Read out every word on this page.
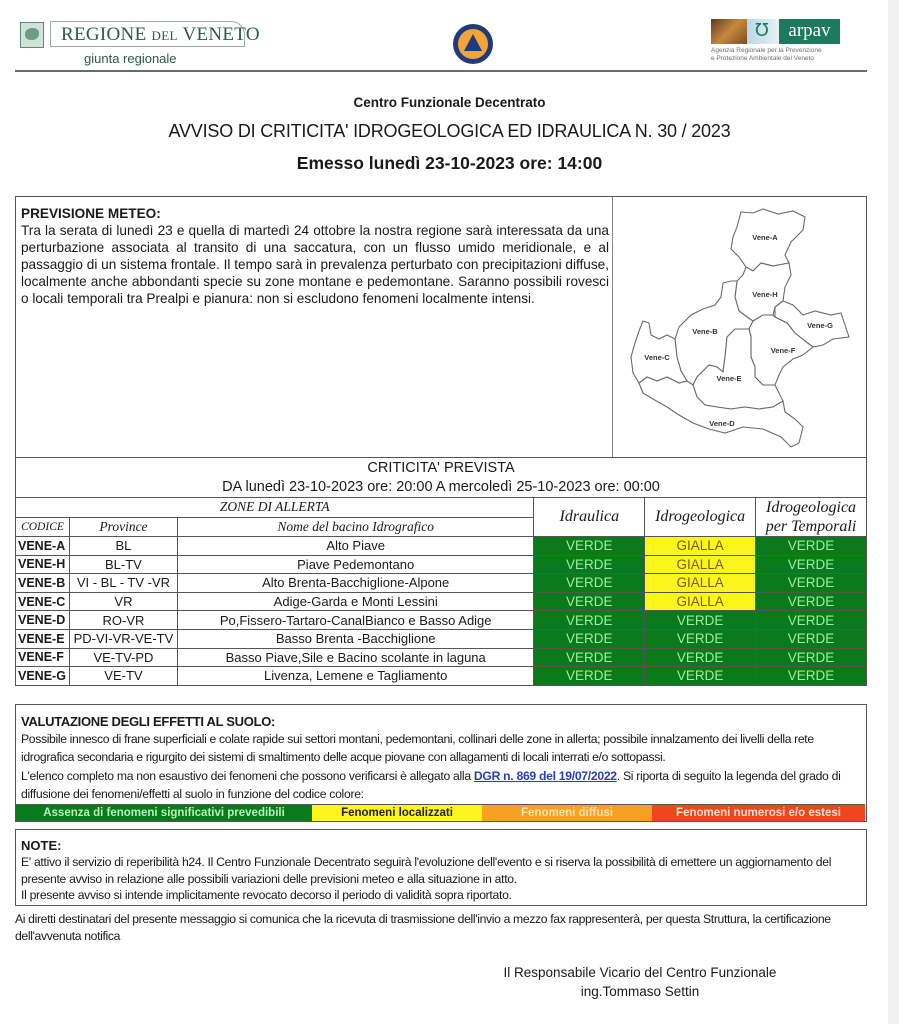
REGIONE DEL VENETO
giunta regionale
℧
arpav
Agenzia Regionale per la Prevenzione
e Protezione Ambientale del Veneto
Centro Funzionale Decentrato
AVVISO DI CRITICITA' IDROGEOLOGICA ED IDRAULICA N. 30 / 2023
Emesso lunedì 23-10-2023 ore: 14:00
PREVISIONE METEO:
Tra la serata di lunedì 23 e quella di martedì 24 ottobre la nostra regione sarà interessata da una perturbazione associata al transito di una saccatura, con un flusso umido meridionale, e al passaggio di un sistema frontale. Il tempo sarà in prevalenza perturbato con precipitazioni diffuse, localmente anche abbondanti specie su zone montane e pedemontane. Saranno possibili rovesci o locali temporali tra Prealpi e pianura: non si escludono fenomeni localmente intensi.
Vene-A
Vene-H
Vene-G
Vene-B
Vene-F
Vene-C
Vene-E
Vene-D
CRITICITA' PREVISTA
DA lunedì 23-10-2023 ore: 20:00 A mercoledì 25-10-2023 ore: 00:00					

ZONE DI ALLERTA			Idraulica	Idrogeologica	Idrogeologica
per Temporali

CODICE	Province	Nome del bacino Idrografico			
VENE-A	BL	Alto Piave	VERDE	GIALLA	VERDE
VENE-H	BL-TV	Piave Pedemontano	VERDE	GIALLA	VERDE
VENE-B	VI - BL - TV -VR	Alto Brenta-Bacchiglione-Alpone	VERDE	GIALLA	VERDE
VENE-C	VR	Adige-Garda e Monti Lessini	VERDE	GIALLA	VERDE
VENE-D	RO-VR	Po,Fissero-Tartaro-CanalBianco e Basso Adige	VERDE	VERDE	VERDE
VENE-E	PD-VI-VR-VE-TV	Basso Brenta -Bacchiglione	VERDE	VERDE	VERDE
VENE-F	VE-TV-PD	Basso Piave,Sile e Bacino scolante in laguna	VERDE	VERDE	VERDE
VENE-G	VE-TV	Livenza, Lemene e Tagliamento	VERDE	VERDE	VERDE
VALUTAZIONE DEGLI EFFETTI AL SUOLO:
Possibile innesco di frane superficiali e colate rapide sui settori montani, pedemontani, collinari delle zone in allerta; possibile innalzamento dei livelli della rete idrografica secondaria e rigurgito dei sistemi di smaltimento delle acque piovane con allagamenti di locali interrati e/o sottopassi.
L'elenco completo ma non esaustivo dei fenomeni che possono verificarsi è allegato alla DGR n. 869 del 19/07/2022. Si riporta di seguito la legenda del grado di diffusione dei fenomeni/effetti al suolo in funzione del codice colore:
Assenza di fenomeni significativi prevedibili	Fenomeni localizzati	Fenomeni diffusi	Fenomeni numerosi e/o estesi
NOTE:
E' attivo il servizio di reperibilità h24. Il Centro Funzionale Decentrato seguirà l'evoluzione dell'evento e si riserva la possibilità di emettere un aggiornamento del presente avviso in relazione alle possibili variazioni delle previsioni meteo e alla situazione in atto.
Il presente avviso si intende implicitamente revocato decorso il periodo di validità sopra riportato.
Ai diretti destinatari del presente messaggio si comunica che la ricevuta di trasmissione dell'invio a mezzo fax rappresenterà, per questa Struttura, la certificazione dell'avvenuta notifica
Il Responsabile Vicario del Centro Funzionale
ing.Tommaso Settin
